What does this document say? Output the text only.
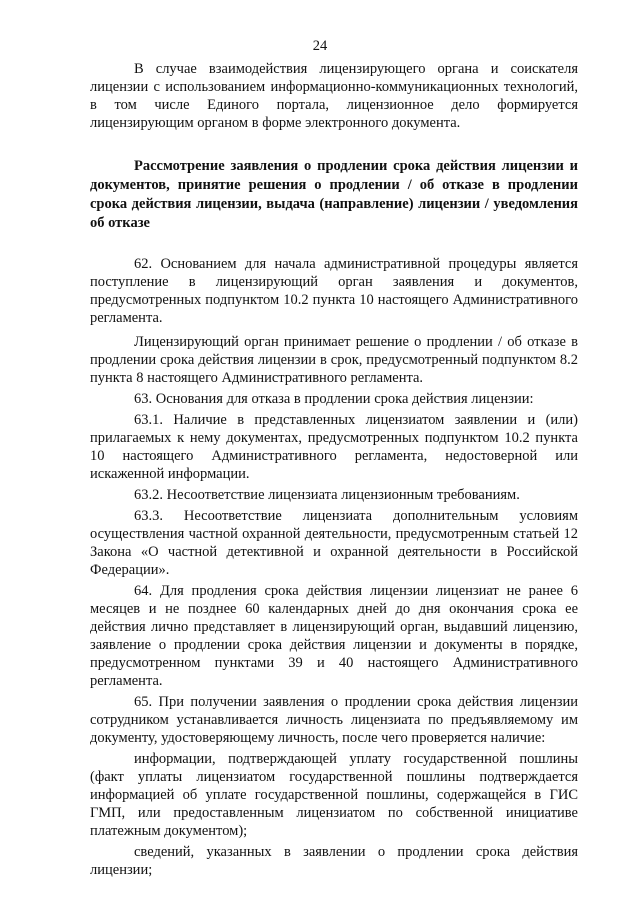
24

В случае взаимодействия лицензирующего органа и соискателя лицензии с использованием информационно-коммуникационных технологий, в том числе Единого портала, лицензионное дело формируется лицензирующим органом в форме электронного документа.

Рассмотрение заявления о продлении срока действия лицензии и документов, принятие решения о продлении / об отказе в продлении срока действия лицензии, выдача (направление) лицензии / уведомления об отказе

62. Основанием для начала административной процедуры является поступление в лицензирующий орган заявления и документов, предусмотренных подпунктом 10.2 пункта 10 настоящего Административного регламента.

Лицензирующий орган принимает решение о продлении / об отказе в продлении срока действия лицензии в срок, предусмотренный подпунктом 8.2 пункта 8 настоящего Административного регламента.

63. Основания для отказа в продлении срока действия лицензии:

63.1. Наличие в представленных лицензиатом заявлении и (или) прилагаемых к нему документах, предусмотренных подпунктом 10.2 пункта 10 настоящего Административного регламента, недостоверной или искаженной информации.

63.2. Несоответствие лицензиата лицензионным требованиям.

63.3. Несоответствие лицензиата дополнительным условиям осуществления частной охранной деятельности, предусмотренным статьей 12 Закона «О частной детективной и охранной деятельности в Российской Федерации».

64. Для продления срока действия лицензии лицензиат не ранее 6 месяцев и не позднее 60 календарных дней до дня окончания срока ее действия лично представляет в лицензирующий орган, выдавший лицензию, заявление о продлении срока действия лицензии и документы в порядке, предусмотренном пунктами 39 и 40 настоящего Административного регламента.

65. При получении заявления о продлении срока действия лицензии сотрудником устанавливается личность лицензиата по предъявляемому им документу, удостоверяющему личность, после чего проверяется наличие:

информации, подтверждающей уплату государственной пошлины (факт уплаты лицензиатом государственной пошлины подтверждается информацией об уплате государственной пошлины, содержащейся в ГИС ГМП, или предоставленным лицензиатом по собственной инициативе платежным документом);

сведений, указанных в заявлении о продлении срока действия лицензии;
